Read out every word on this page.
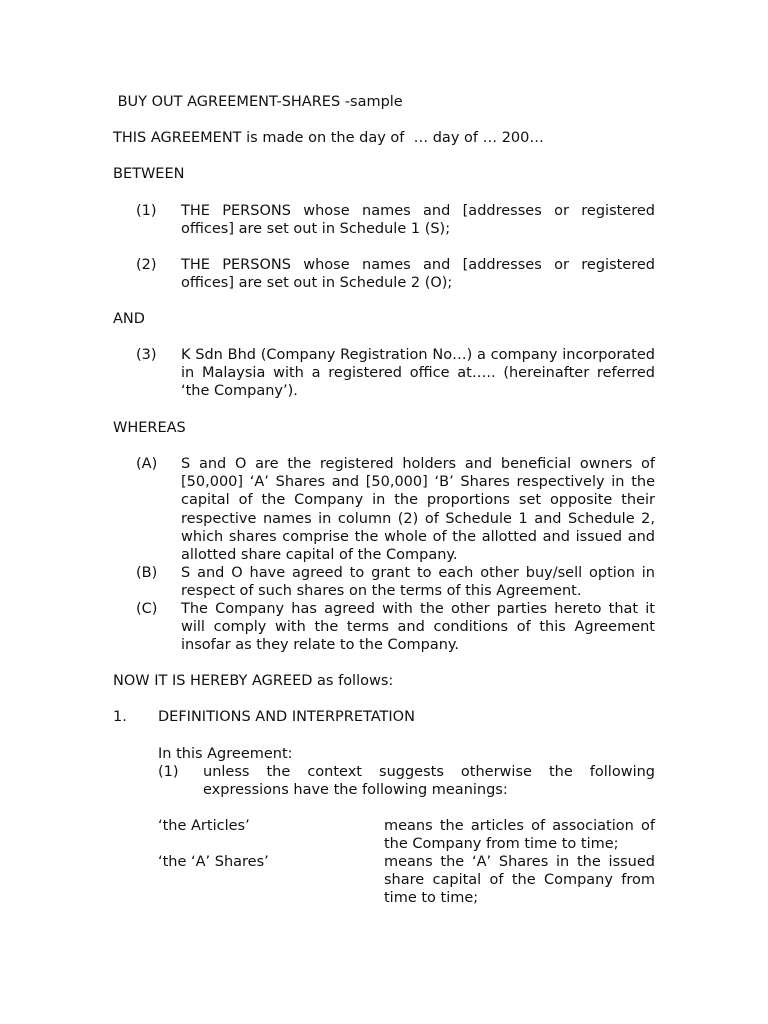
BUY OUT AGREEMENT-SHARES -sample
THIS AGREEMENT is made on the day of  … day of … 200…
BETWEEN
(1) THE PERSONS whose names and [addresses or registered offices] are set out in Schedule 1 (S);
(2) THE PERSONS whose names and [addresses or registered offices] are set out in Schedule 2 (O);
AND
(3) K Sdn Bhd (Company Registration No…) a company incorporated in Malaysia with a registered office at….. (hereinafter referred ‘the Company’).
WHEREAS
(A) S and O are the registered holders and beneficial owners of [50,000] ‘A’ Shares and [50,000] ‘B’ Shares respectively in the capital of the Company in the proportions set opposite their respective names in column (2) of Schedule 1 and Schedule 2, which shares comprise the whole of the allotted and issued and allotted share capital of the Company.
(B) S and O have agreed to grant to each other buy/sell option in respect of such shares on the terms of this Agreement.
(C) The Company has agreed with the other parties hereto that it will comply with the terms and conditions of this Agreement insofar as they relate to the Company.
NOW IT IS HEREBY AGREED as follows:
1. DEFINITIONS AND INTERPRETATION
In this Agreement:
(1) unless the context suggests otherwise the following expressions have the following meanings:
‘the Articles’	means the articles of association of the Company from time to time;
‘the ‘A’ Shares’	means the ‘A’ Shares in the issued share capital of the Company from time to time;
